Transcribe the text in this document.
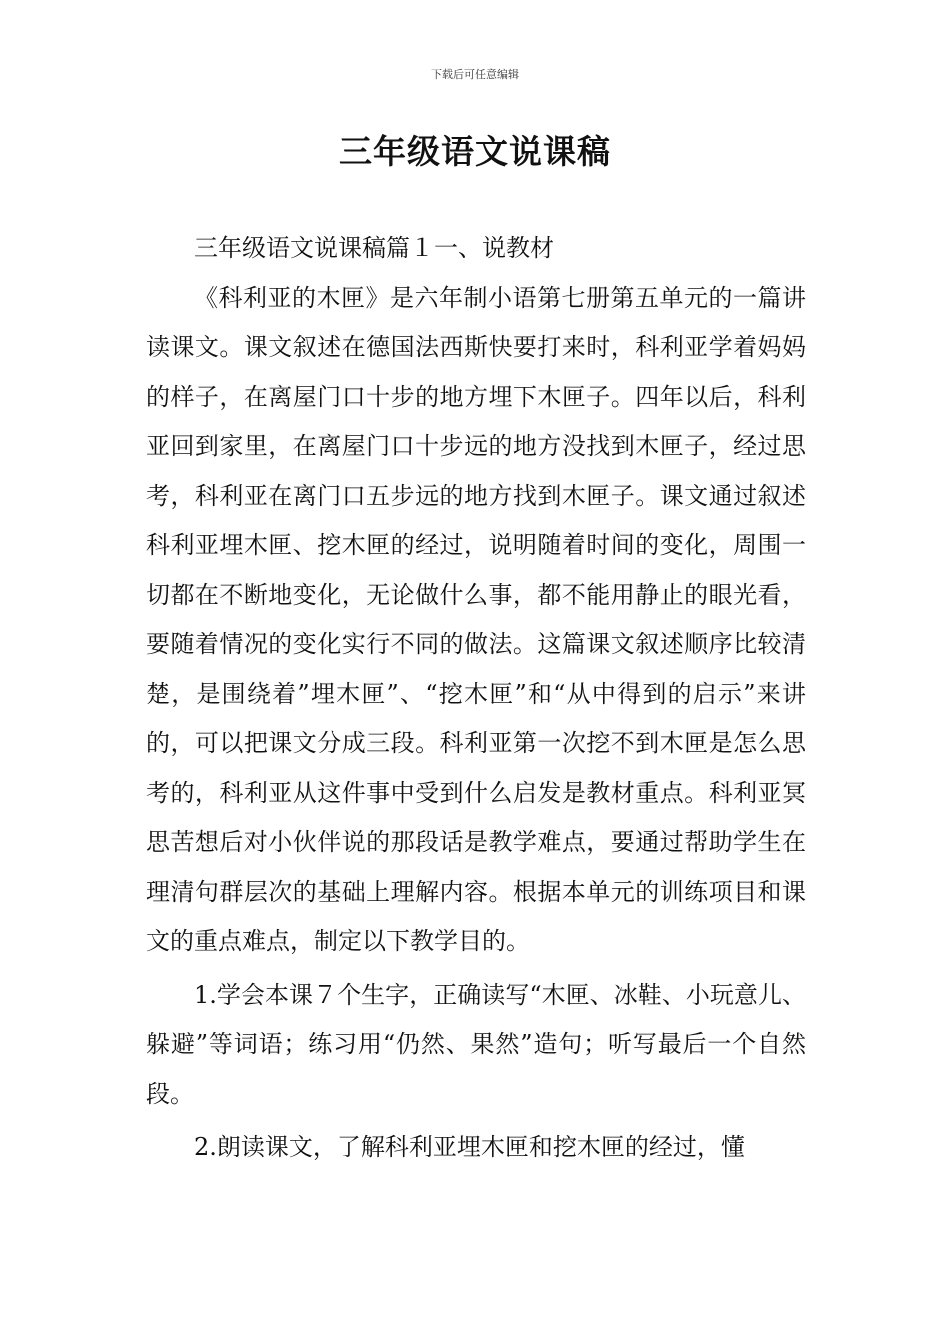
下载后可任意编辑
三年级语文说课稿

三年级语文说课稿篇１一、说教材

《科利亚的木匣》是六年制小语第七册第五单元的一篇讲读课文。课文叙述在德国法西斯快要打来时，科利亚学着妈妈的样子，在离屋门口十步的地方埋下木匣子。四年以后，科利亚回到家里，在离屋门口十步远的地方没找到木匣子，经过思考，科利亚在离门口五步远的地方找到木匣子。课文通过叙述科利亚埋木匣、挖木匣的经过，说明随着时间的变化，周围一切都在不断地变化，无论做什么事，都不能用静止的眼光看，要随着情况的变化实行不同的做法。这篇课文叙述顺序比较清楚，是围绕着”埋木匣”、“挖木匣”和“从中得到的启示”来讲的，可以把课文分成三段。科利亚第一次挖不到木匣是怎么思考的，科利亚从这件事中受到什么启发是教材重点。科利亚冥思苦想后对小伙伴说的那段话是教学难点，要通过帮助学生在理清句群层次的基础上理解内容。根据本单元的训练项目和课文的重点难点，制定以下教学目的。

1.学会本课７个生字，正确读写“木匣、冰鞋、小玩意儿、躲避”等词语；练习用“仍然、果然”造句；听写最后一个自然段。

2.朗读课文，了解科利亚埋木匣和挖木匣的经过，懂
